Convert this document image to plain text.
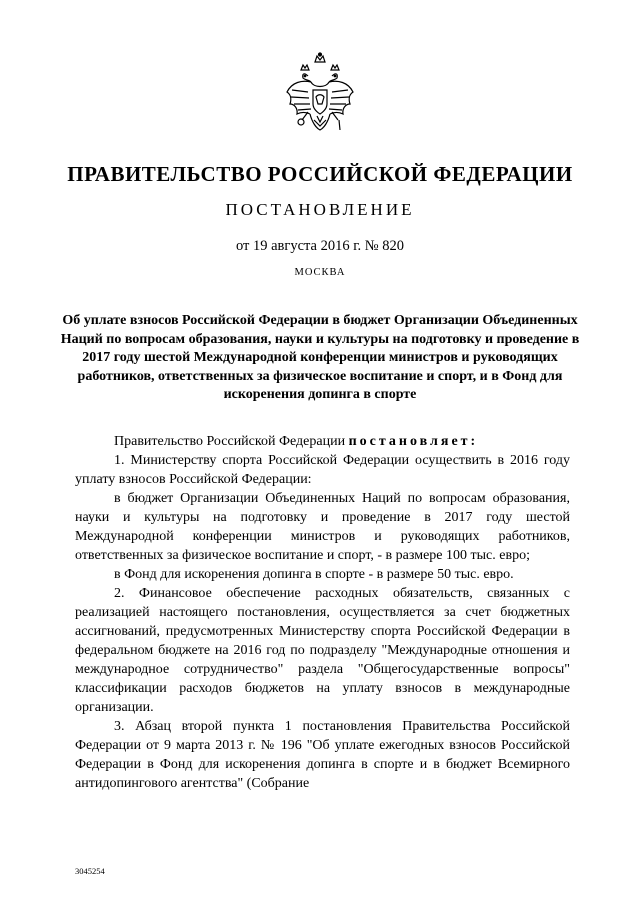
ПРАВИТЕЛЬСТВО РОССИЙСКОЙ ФЕДЕРАЦИИ
ПОСТАНОВЛЕНИЕ
от 19 августа 2016 г. № 820
МОСКВА

Об уплате взносов Российской Федерации в бюджет Организации Объединенных Наций по вопросам образования, науки и культуры на подготовку и проведение в 2017 году шестой Международной конференции министров и руководящих работников, ответственных за физическое воспитание и спорт, и в Фонд для искоренения допинга в спорте

Правительство Российской Федерации постановляет:

1. Министерству спорта Российской Федерации осуществить в 2016 году уплату взносов Российской Федерации:

в бюджет Организации Объединенных Наций по вопросам образования, науки и культуры на подготовку и проведение в 2017 году шестой Международной конференции министров и руководящих работников, ответственных за физическое воспитание и спорт, - в размере 100 тыс. евро;

в Фонд для искоренения допинга в спорте - в размере 50 тыс. евро.

2. Финансовое обеспечение расходных обязательств, связанных с реализацией настоящего постановления, осуществляется за счет бюджетных ассигнований, предусмотренных Министерству спорта Российской Федерации в федеральном бюджете на 2016 год по подразделу "Международные отношения и международное сотрудничество" раздела "Общегосударственные вопросы" классификации расходов бюджетов на уплату взносов в международные организации.

3. Абзац второй пункта 1 постановления Правительства Российской Федерации от 9 марта 2013 г. № 196 "Об уплате ежегодных взносов Российской Федерации в Фонд для искоренения допинга в спорте и в бюджет Всемирного антидопингового агентства" (Собрание

3045254
